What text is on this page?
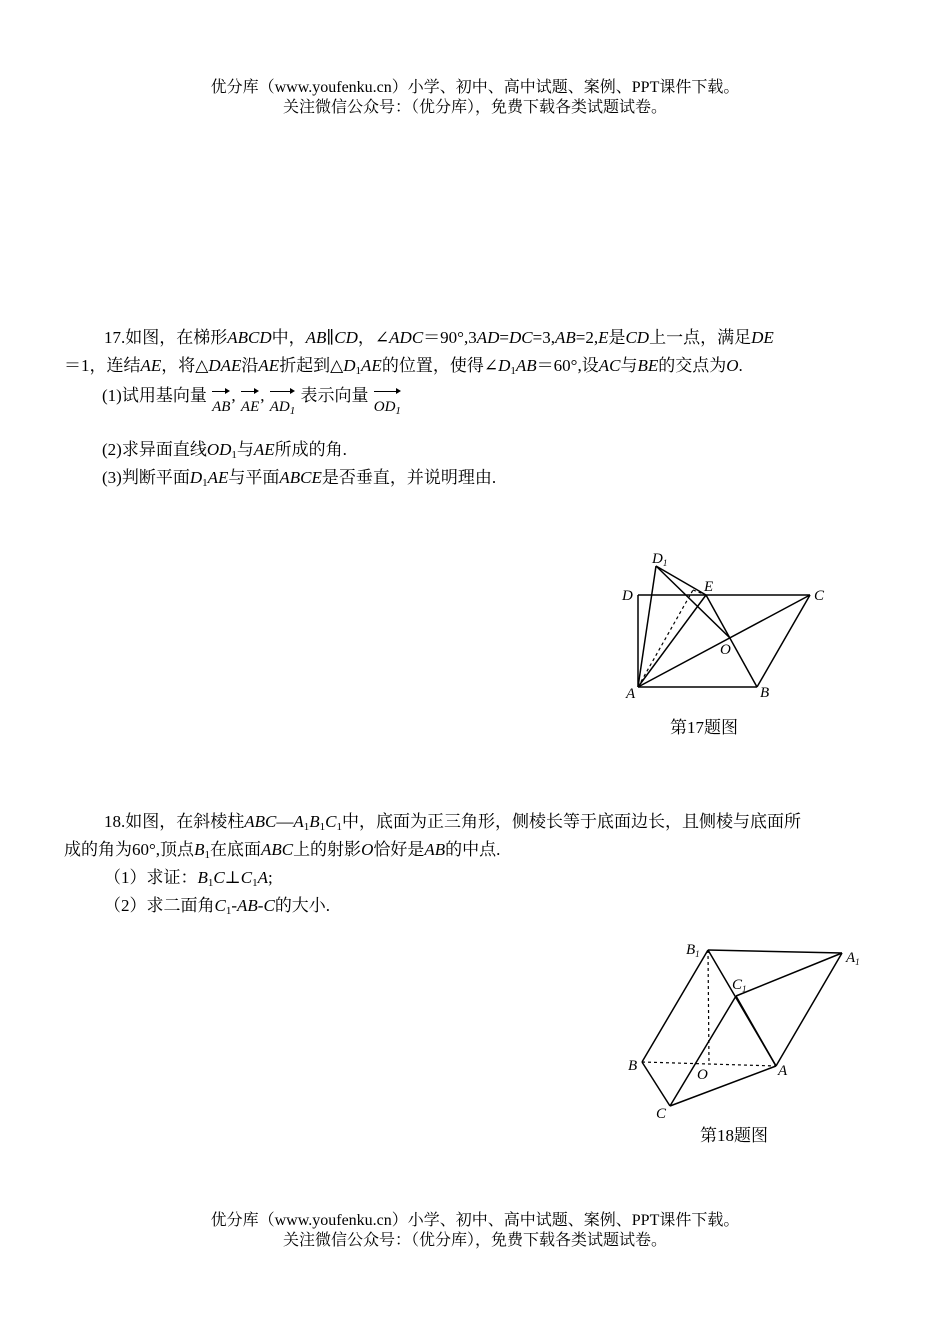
优分库（www.youfenku.cn）小学、初中、高中试题、案例、PPT课件下载。
关注微信公众号：（优分库），免费下载各类试题试卷。
17.如图，在梯形ABCD中，AB∥CD，∠ADC＝90°,3AD=DC=3,AB=2,E是CD上一点，满足DE
＝1，连结AE，将△DAE沿AE折起到$\triangle D_1AE$的位置，使得$\angle D_1AB=60^\circ$,设AC与BE的交点为O.
(1)试用基向量 AB, AE, $AD_1$ 表示向量 $OD_1$
(2)求异面直线$OD_1$与AE所成的角.
(3)判断平面$D_1AE$与平面ABCE是否垂直，并说明理由.
$D_1$
D
E
C
O
A	B
第17题图
18.如图，在斜棱柱$ABC—A_1B_1C_1$中，底面为正三角形，侧棱长等于底面边长，且侧棱与底面所
成的角为60°,顶点$B_1$在底面ABC上的射影O恰好是AB的中点.
（1）求证：$B_1C\perp C_1A$;
（2）求二面角$C_1-AB-C$的大小.
$B_1$	$A_1$
$C_1$
B
O	A
C
第18题图
优分库（www.youfenku.cn）小学、初中、高中试题、案例、PPT课件下载。
关注微信公众号：（优分库），免费下载各类试题试卷。
